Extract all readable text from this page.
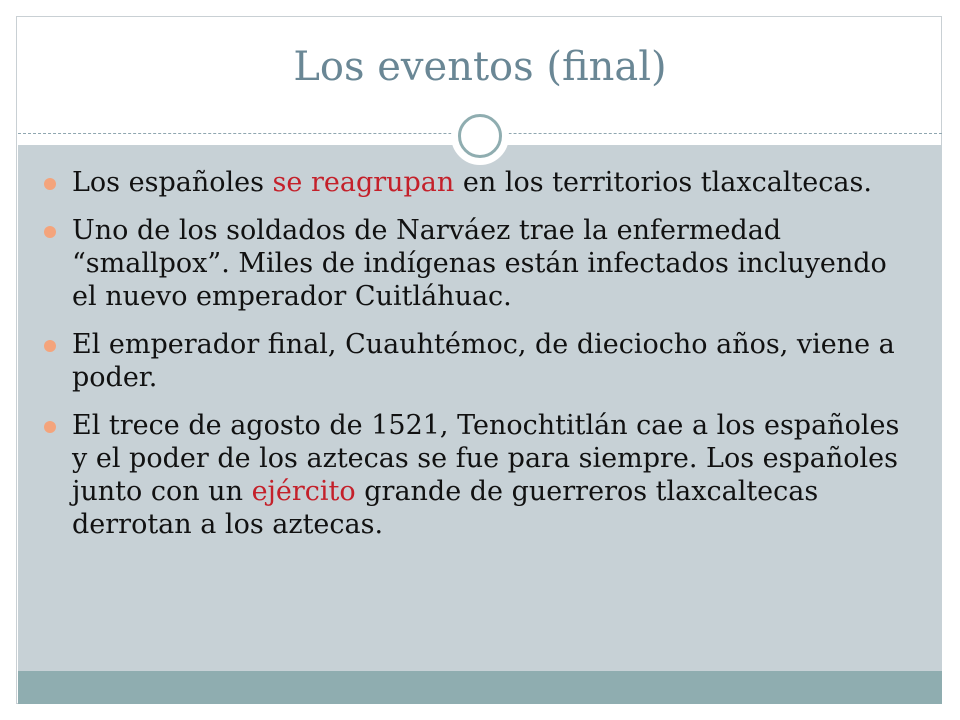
Los eventos (final)
Los españoles se reagrupan en los territorios tlaxcaltecas.
Uno de los soldados de Narváez trae la enfermedad “smallpox”. Miles de indígenas están infectados incluyendo el nuevo emperador Cuitláhuac.
El emperador final, Cuauhtémoc, de dieciocho años, viene a poder.
El trece de agosto de 1521, Tenochtitlán cae a los españoles y el poder de los aztecas se fue para siempre. Los españoles junto con un ejército grande de guerreros tlaxcaltecas derrotan a los aztecas.
